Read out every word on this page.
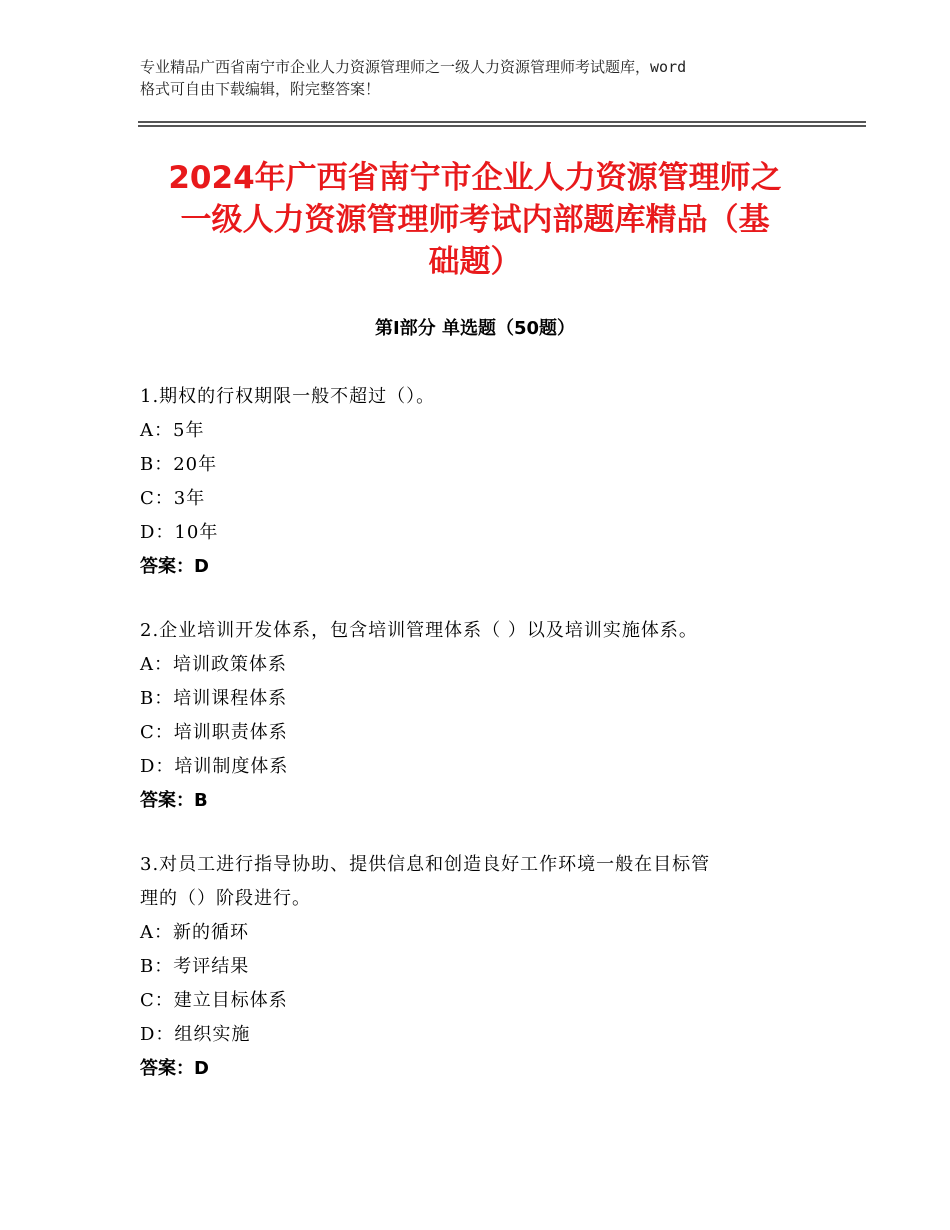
专业精品广西省南宁市企业人力资源管理师之一级人力资源管理师考试题库，word
格式可自由下载编辑，附完整答案！
2024年广西省南宁市企业人力资源管理师之
一级人力资源管理师考试内部题库精品（基
础题）
第Ⅰ部分 单选题（50题）
1.期权的行权期限一般不超过（）。
A：5年
B：20年
C：3年
D：10年
答案：D
2.企业培训开发体系，包含培训管理体系（ ）以及培训实施体系。
A：培训政策体系
B：培训课程体系
C：培训职责体系
D：培训制度体系
答案：B
3.对员工进行指导协助、提供信息和创造良好工作环境一般在目标管
理的（）阶段进行。
A：新的循环
B：考评结果
C：建立目标体系
D：组织实施
答案：D
